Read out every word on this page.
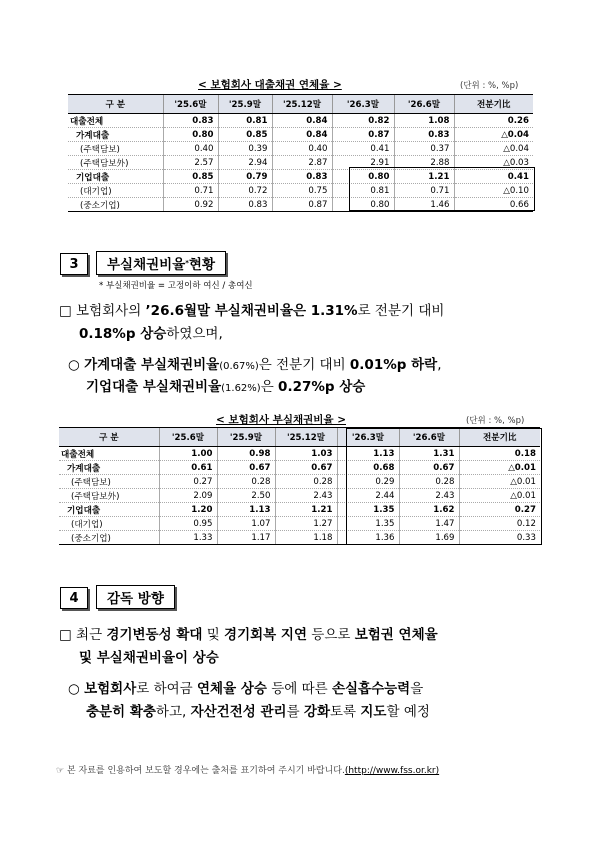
< 보험회사 대출채권 연체율 >	(단위 : %, %p)
구 분	'25.6말	'25.9말	'25.12말	'26.3말	'26.6말	전분기比
대출전체	0.83	0.81	0.84	0.82	1.08	0.26
가계대출	0.80	0.85	0.84	0.87	0.83	△0.04
(주택담보)	0.40	0.39	0.40	0.41	0.37	△0.04
(주택담보外)	2.57	2.94	2.87	2.91	2.88	△0.03
기업대출	0.85	0.79	0.83	0.80	1.21	0.41
(대기업)	0.71	0.72	0.75	0.81	0.71	△0.10
(중소기업)	0.92	0.83	0.87	0.80	1.46	0.66
3	부실채권비율 * 현황
* 부실채권비율 = 고정이하 여신 / 총여신
□ 보험회사의 ’26.6월말 부실채권비율은 1.31%로 전분기 대비
0.18%p 상승하였으며,
○ 가계대출 부실채권비율(0.67%)은 전분기 대비 0.01%p 하락,
기업대출 부실채권비율(1.62%)은 0.27%p 상승
< 보험회사 부실채권비율 >	(단위 : %, %p)
구 분	'25.6말	'25.9말	'25.12말	'26.3말	'26.6말	전분기比
대출전체	1.00	0.98	1.03	1.13	1.31	0.18
가계대출	0.61	0.67	0.67	0.68	0.67	△0.01
(주택담보)	0.27	0.28	0.28	0.29	0.28	△0.01
(주택담보外)	2.09	2.50	2.43	2.44	2.43	△0.01
기업대출	1.20	1.13	1.21	1.35	1.62	0.27
(대기업)	0.95	1.07	1.27	1.35	1.47	0.12
(중소기업)	1.33	1.17	1.18	1.36	1.69	0.33
4	감독 방향
□ 최근 경기변동성 확대 및 경기회복 지연 등으로 보험권 연체율
및 부실채권비율이 상승
○ 보험회사로 하여금 연체율 상승 등에 따른 손실흡수능력을
충분히 확충하고, 자산건전성 관리를 강화토록 지도할 예정
☞ 본 자료를 인용하여 보도할 경우에는 출처를 표기하여 주시기 바랍니다.(http://www.fss.or.kr)
